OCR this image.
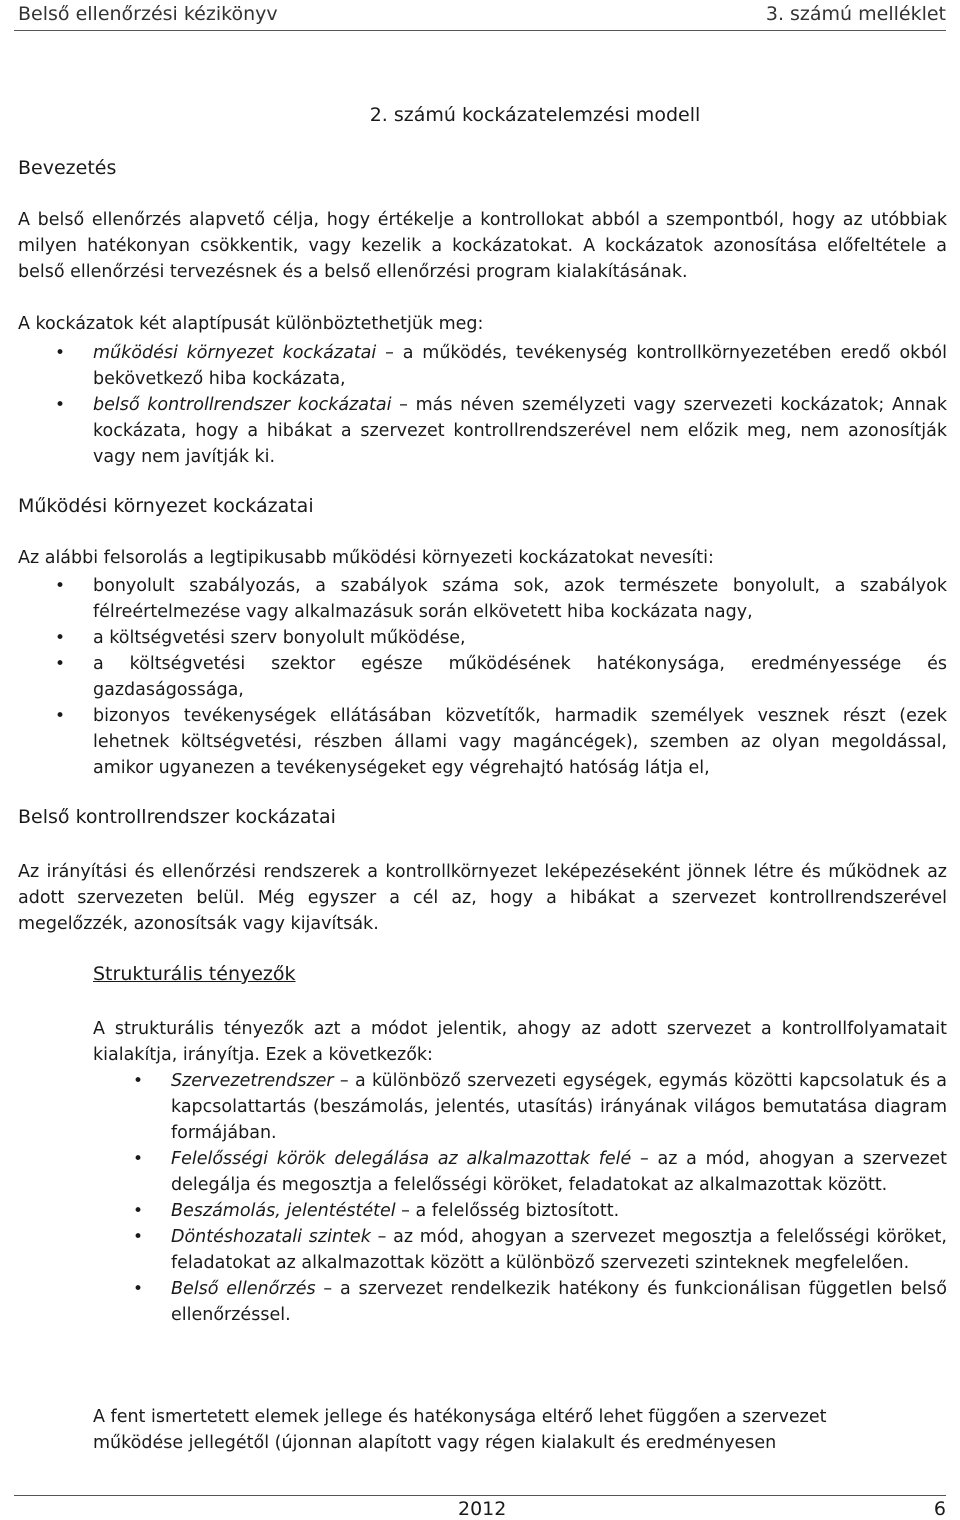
Belső ellenőrzési kézikönyv	3. számú melléklet
2. számú kockázatelemzési modell
Bevezetés

A belső ellenőrzés alapvető célja, hogy értékelje a kontrollokat abból a szempontból, hogy az utóbbiak milyen hatékonyan csökkentik, vagy kezelik a kockázatokat. A kockázatok azonosítása előfeltétele a belső ellenőrzési tervezésnek és a belső ellenőrzési program kialakításának.

A kockázatok két alaptípusát különböztethetjük meg:

• működési környezet kockázatai – a működés, tevékenység kontrollkörnyezetében eredő okból bekövetkező hiba kockázata,
• belső kontrollrendszer kockázatai – más néven személyzeti vagy szervezeti kockázatok; Annak kockázata, hogy a hibákat a szervezet kontrollrendszerével nem előzik meg, nem azonosítják vagy nem javítják ki.
Működési környezet kockázatai

Az alábbi felsorolás a legtipikusabb működési környezeti kockázatokat nevesíti:

• bonyolult szabályozás, a szabályok száma sok, azok természete bonyolult, a szabályok félreértelmezése vagy alkalmazásuk során elkövetett hiba kockázata nagy,
• a költségvetési szerv bonyolult működése,
• a költségvetési szektor egésze működésének hatékonysága, eredményessége és gazdaságossága,
• bizonyos tevékenységek ellátásában közvetítők, harmadik személyek vesznek részt (ezek lehetnek költségvetési, részben állami vagy magáncégek), szemben az olyan megoldással, amikor ugyanezen a tevékenységeket egy végrehajtó hatóság látja el,
Belső kontrollrendszer kockázatai

Az irányítási és ellenőrzési rendszerek a kontrollkörnyezet leképezéseként jönnek létre és működnek az adott szervezeten belül. Még egyszer a cél az, hogy a hibákat a szervezet kontrollrendszerével megelőzzék, azonosítsák vagy kijavítsák.

Strukturális tényezők

A strukturális tényezők azt a módot jelentik, ahogy az adott szervezet a kontrollfolyamatait kialakítja, irányítja. Ezek a következők:

• Szervezetrendszer – a különböző szervezeti egységek, egymás közötti kapcsolatuk és a kapcsolattartás (beszámolás, jelentés, utasítás) irányának világos bemutatása diagram formájában.
• Felelősségi körök delegálása az alkalmazottak felé – az a mód, ahogyan a szervezet delegálja és megosztja a felelősségi köröket, feladatokat az alkalmazottak között.
• Beszámolás, jelentéstétel – a felelősség biztosított.
• Döntéshozatali szintek – az mód, ahogyan a szervezet megosztja a felelősségi köröket, feladatokat az alkalmazottak között a különböző szervezeti szinteknek megfelelően.
• Belső ellenőrzés – a szervezet rendelkezik hatékony és funkcionálisan független belső ellenőrzéssel.

A fent ismertetett elemek jellege és hatékonysága eltérő lehet függően a szervezet

működése jellegétől (újonnan alapított vagy régen kialakult és eredményesen

2012	6
